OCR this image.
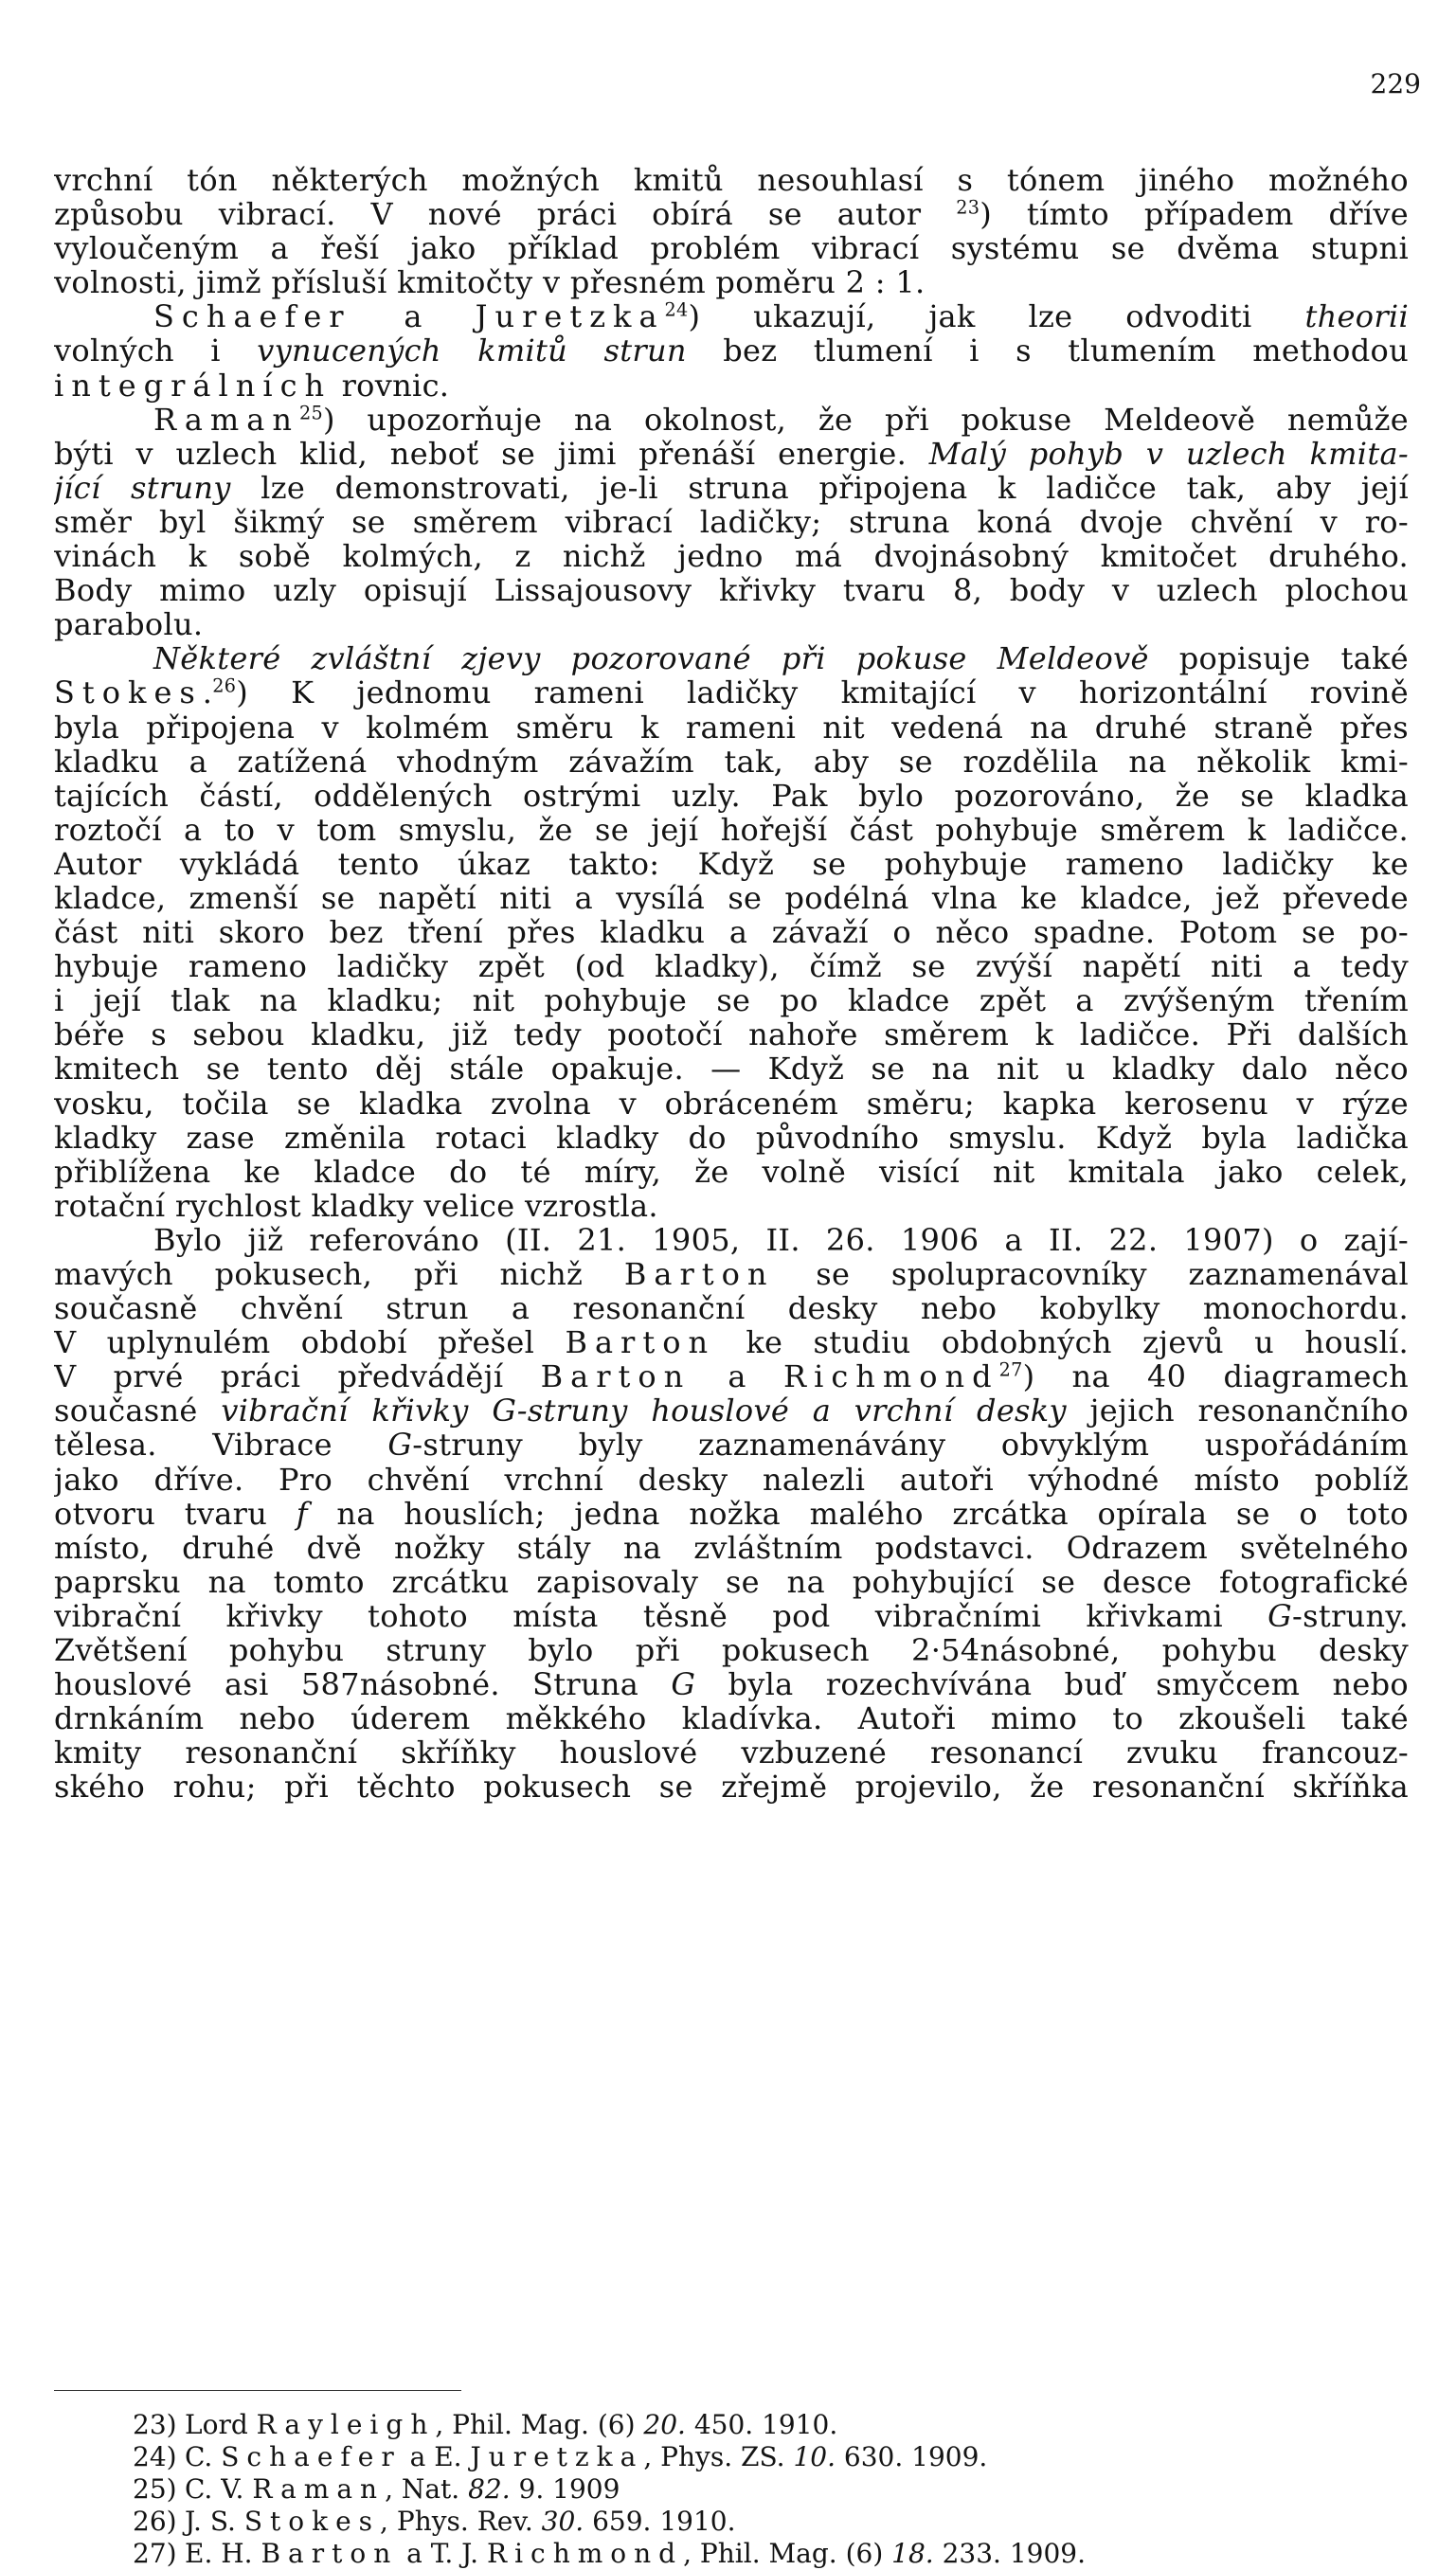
229
vrchní tón některých možných kmitů nesouhlasí s tónem jiného možného
způsobu vibrací. V nové práci obírá se autor $^{23}$) tímto případem dříve
vyloučeným a řeší jako příklad problém vibrací systému se dvěma stupni
volnosti, jimž přísluší kmitočty v přesném poměru 2 : 1.
Schaefer a Juretzka$^{24}$) ukazují, jak lze odvoditi theorii
volných i vynucených kmitů strun bez tlumení i s tlumením methodou
integrálních rovnic.
Raman$^{25}$) upozorňuje na okolnost, že při pokuse Meldeově nemůže
býti v uzlech klid, neboť se jimi přenáší energie. Malý pohyb v uzlech kmita-
jící struny lze demonstrovati, je-li struna připojena k ladičce tak, aby její
směr byl šikmý se směrem vibrací ladičky; struna koná dvoje chvění v ro-
vinách k sobě kolmých, z nichž jedno má dvojnásobný kmitočet druhého.
Body mimo uzly opisují Lissajousovy křivky tvaru 8, body v uzlech plochou
parabolu.
Některé zvláštní zjevy pozorované při pokuse Meldeově popisuje také
Stokes.$^{26}$) K jednomu rameni ladičky kmitající v horizontální rovině
byla připojena v kolmém směru k rameni nit vedená na druhé straně přes
kladku a zatížená vhodným závažím tak, aby se rozdělila na několik kmi-
tajících částí, oddělených ostrými uzly. Pak bylo pozorováno, že se kladka
roztočí a to v tom smyslu, že se její hořejší část pohybuje směrem k ladičce.
Autor vykládá tento úkaz takto: Když se pohybuje rameno ladičky ke
kladce, zmenší se napětí niti a vysílá se podélná vlna ke kladce, jež převede
část niti skoro bez tření přes kladku a závaží o něco spadne. Potom se po-
hybuje rameno ladičky zpět (od kladky), čímž se zvýší napětí niti a tedy
i její tlak na kladku; nit pohybuje se po kladce zpět a zvýšeným třením
béře s sebou kladku, již tedy pootočí nahoře směrem k ladičce. Při dalších
kmitech se tento děj stále opakuje. — Když se na nit u kladky dalo něco
vosku, točila se kladka zvolna v obráceném směru; kapka kerosenu v rýze
kladky zase změnila rotaci kladky do původního smyslu. Když byla ladička
přiblížena ke kladce do té míry, že volně visící nit kmitala jako celek,
rotační rychlost kladky velice vzrostla.
Bylo již referováno (II. 21. 1905, II. 26. 1906 a II. 22. 1907) o zají-
mavých pokusech, při nichž Barton se spolupracovníky zaznamenával
současně chvění strun a resonanční desky nebo kobylky monochordu.
V uplynulém období přešel Barton ke studiu obdobných zjevů u houslí.
V prvé práci předvádějí Barton a Richmond$^{27}$) na 40 diagramech
současné vibrační křivky G-struny houslové a vrchní desky jejich resonančního
tělesa. Vibrace G-struny byly zaznamenávány obvyklým uspořádáním
jako dříve. Pro chvění vrchní desky nalezli autoři výhodné místo poblíž
otvoru tvaru f na houslích; jedna nožka malého zrcátka opírala se o toto
místo, druhé dvě nožky stály na zvláštním podstavci. Odrazem světelného
paprsku na tomto zrcátku zapisovaly se na pohybující se desce fotografické
vibrační křivky tohoto místa těsně pod vibračními křivkami G-struny.
Zvětšení pohybu struny bylo při pokusech 2·54násobné, pohybu desky
houslové asi 587násobné. Struna G byla rozechvívána buď smyčcem nebo
drnkáním nebo úderem měkkého kladívka. Autoři mimo to zkoušeli také
kmity resonanční skříňky houslové vzbuzené resonancí zvuku francouz-
ského rohu; při těchto pokusech se zřejmě projevilo, že resonanční skříňka
23) Lord Rayleigh, Phil. Mag. (6) 20. 450. 1910.
24) C. Schaefer a E. Juretzka, Phys. ZS. 10. 630. 1909.
25) C. V. Raman, Nat. 82. 9. 1909
26) J. S. Stokes, Phys. Rev. 30. 659. 1910.
27) E. H. Barton a T. J. Richmond, Phil. Mag. (6) 18. 233. 1909.
